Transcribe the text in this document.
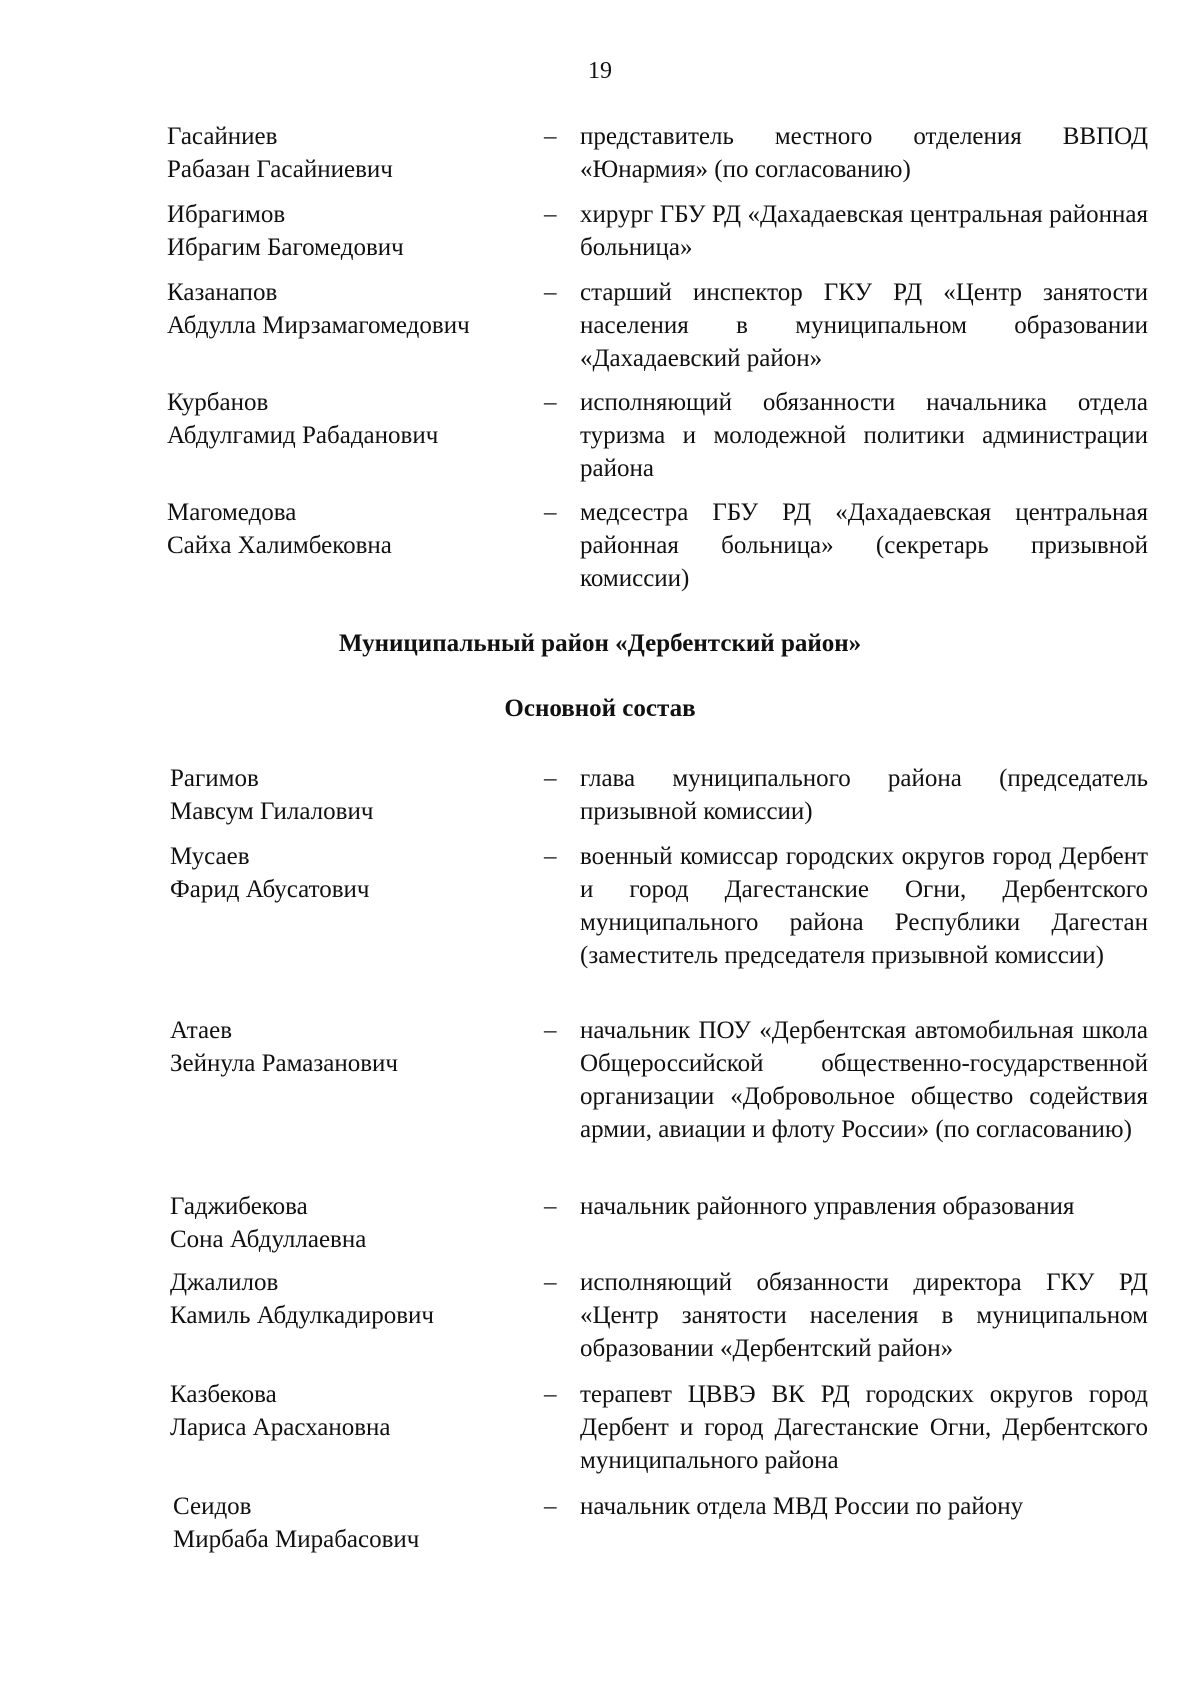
19
Гасайниев
Рабазан Гасайниевич
– представитель местного отделения ВВПОД «Юнармия» (по согласованию)
Ибрагимов
Ибрагим Багомедович
– хирург ГБУ РД «Дахадаевская центральная районная больница»
Казанапов
Абдулла Мирзамагомедович
– старший инспектор ГКУ РД «Центр занятости населения в муниципальном образовании «Дахадаевский район»
Курбанов
Абдулгамид Рабаданович
– исполняющий обязанности начальника отдела туризма и молодежной политики администрации района
Магомедова
Сайха Халимбековна
– медсестра ГБУ РД «Дахадаевская центральная районная больница» (секретарь призывной комиссии)
Муниципальный район «Дербентский район»
Основной состав
Рагимов
Мавсум Гилалович
– глава муниципального района (председатель призывной комиссии)
Мусаев
Фарид Абусатович
– военный комиссар городских округов город Дербент и город Дагестанские Огни, Дербентского муниципального района Республики Дагестан (заместитель председателя призывной комиссии)
Атаев
Зейнула Рамазанович
– начальник ПОУ «Дербентская автомобильная школа Общероссийской общественно-государственной организации «Добровольное общество содействия армии, авиации и флоту России» (по согласованию)
Гаджибекова
Сона Абдуллаевна
– начальник районного управления образования
Джалилов
Камиль Абдулкадирович
– исполняющий обязанности директора ГКУ РД «Центр занятости населения в муниципальном образовании «Дербентский район»
Казбекова
Лариса Арасхановна
– терапевт ЦВВЭ ВК РД городских округов город Дербент и город Дагестанские Огни, Дербентского муниципального района
Сеидов
Мирбаба Мирабасович
– начальник отдела МВД России по району
